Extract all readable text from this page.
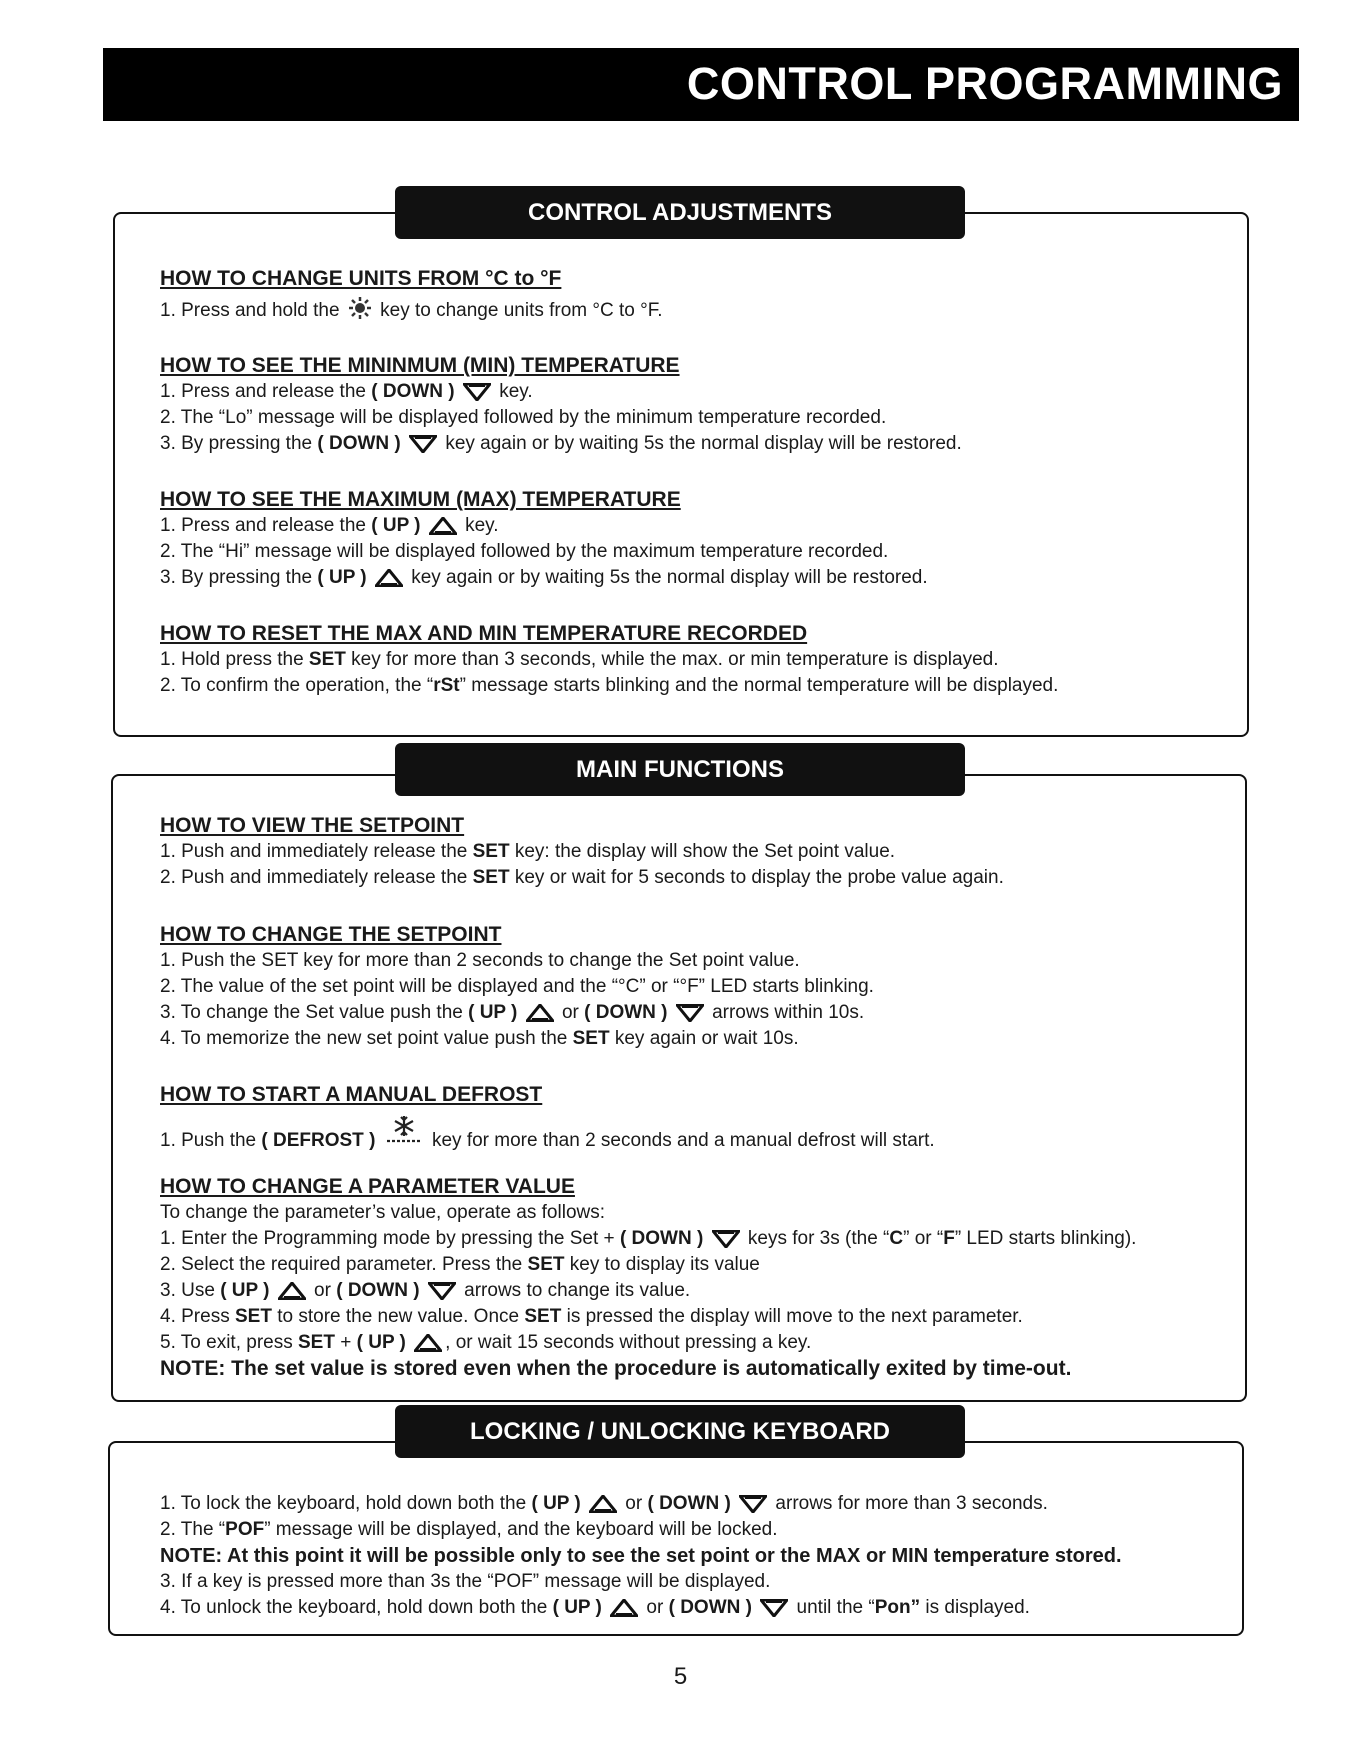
CONTROL PROGRAMMING
CONTROL ADJUSTMENTS

HOW TO CHANGE UNITS FROM °C to °F

1. Press and hold the key to change units from °C to °F.

HOW TO SEE THE MININMUM (MIN) TEMPERATURE

1. Press and release the ( DOWN ) key.

2. The “Lo” message will be displayed followed by the minimum temperature recorded.

3. By pressing the ( DOWN ) key again or by waiting 5s the normal display will be restored.

HOW TO SEE THE MAXIMUM (MAX) TEMPERATURE

1. Press and release the ( UP ) key.

2. The “Hi” message will be displayed followed by the maximum temperature recorded.

3. By pressing the ( UP ) key again or by waiting 5s the normal display will be restored.

HOW TO RESET THE MAX AND MIN TEMPERATURE RECORDED

1. Hold press the SET key for more than 3 seconds, while the max. or min temperature is displayed.

2. To confirm the operation, the “rSt” message starts blinking and the normal temperature will be displayed.

MAIN FUNCTIONS

HOW TO VIEW THE SETPOINT

1. Push and immediately release the SET key: the display will show the Set point value.

2. Push and immediately release the SET key or wait for 5 seconds to display the probe value again.

HOW TO CHANGE THE SETPOINT

1. Push the SET key for more than 2 seconds to change the Set point value.

2. The value of the set point will be displayed and the “°C” or “°F” LED starts blinking.

3. To change the Set value push the ( UP ) or ( DOWN ) arrows within 10s.

4. To memorize the new set point value push the SET key again or wait 10s.

HOW TO START A MANUAL DEFROST

1. Push the ( DEFROST )	key for more than 2 seconds and a manual defrost will start.

HOW TO CHANGE A PARAMETER VALUE

To change the parameter’s value, operate as follows:

1. Enter the Programming mode by pressing the Set + ( DOWN ) keys for 3s (the “C” or “F” LED starts blinking).

2. Select the required parameter. Press the SET key to display its value

3. Use ( UP ) or ( DOWN ) arrows to change its value.

4. Press SET to store the new value. Once SET is pressed the display will move to the next parameter.

5. To exit, press SET + ( UP ) , or wait 15 seconds without pressing a key.

NOTE: The set value is stored even when the procedure is automatically exited by time-out.

LOCKING / UNLOCKING KEYBOARD

1. To lock the keyboard, hold down both the ( UP ) or ( DOWN ) arrows for more than 3 seconds.

2. The “POF” message will be displayed, and the keyboard will be locked.

NOTE: At this point it will be possible only to see the set point or the MAX or MIN temperature stored.

3. If a key is pressed more than 3s the “POF” message will be displayed.

4. To unlock the keyboard, hold down both the ( UP ) or ( DOWN ) until the “Pon” is displayed.

5
